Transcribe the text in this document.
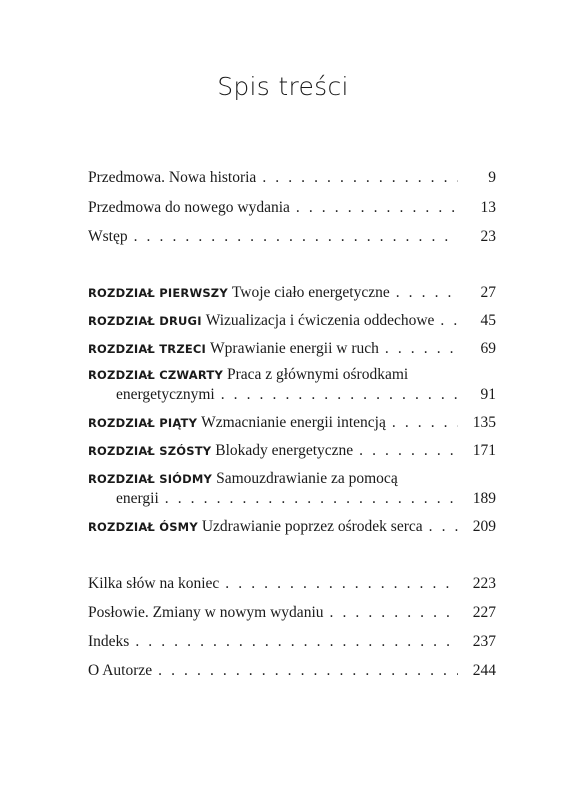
Spis treści
Przedmowa. Nowa historia . . .	9
Przedmowa do nowego wydania . . .	13
Wstęp . . .	23
ROZDZIAŁ PIERWSZY Twoje ciało energetyczne . . .	27
ROZDZIAŁ DRUGI Wizualizacja i ćwiczenia oddechowe . . .	45
ROZDZIAŁ TRZECI Wprawianie energii w ruch . . .	69
ROZDZIAŁ CZWARTY Praca z głównymi ośrodkami
energetycznymi . . .	91
ROZDZIAŁ PIĄTY Wzmacnianie energii intencją . . .	135
ROZDZIAŁ SZÓSTY Blokady energetyczne . . .	171
ROZDZIAŁ SIÓDMY Samouzdrawianie za pomocą
energii . . .	189
ROZDZIAŁ ÓSMY Uzdrawianie poprzez ośrodek serca . . .	209
Kilka słów na koniec . . .	223
Posłowie. Zmiany w nowym wydaniu . . .	227
Indeks . . .	237
O Autorze . . .	244
